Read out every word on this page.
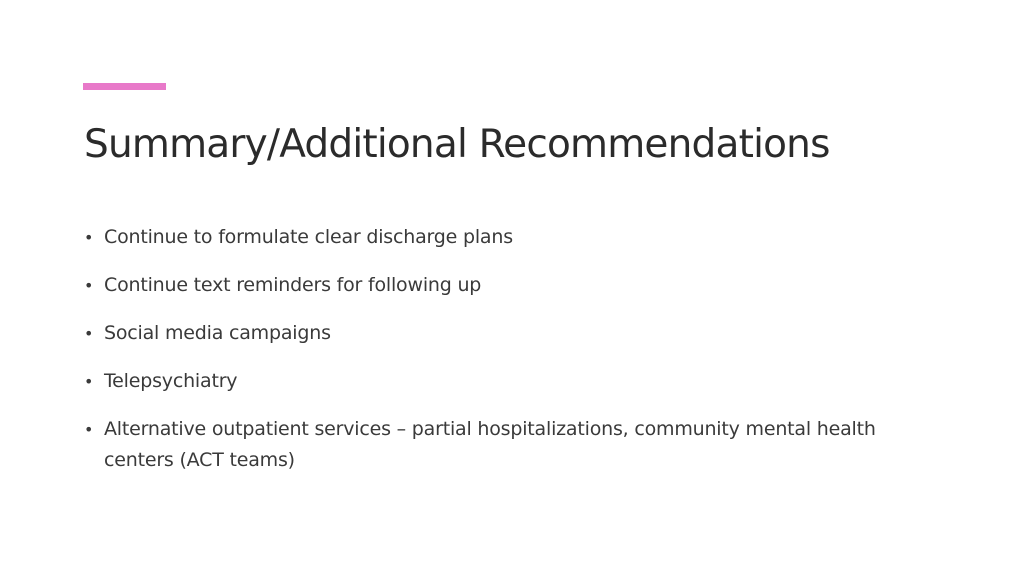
Summary/Additional Recommendations
• Continue to formulate clear discharge plans
• Continue text reminders for following up
• Social media campaigns
• Telepsychiatry
• Alternative outpatient services – partial hospitalizations, community mental health centers (ACT teams)
